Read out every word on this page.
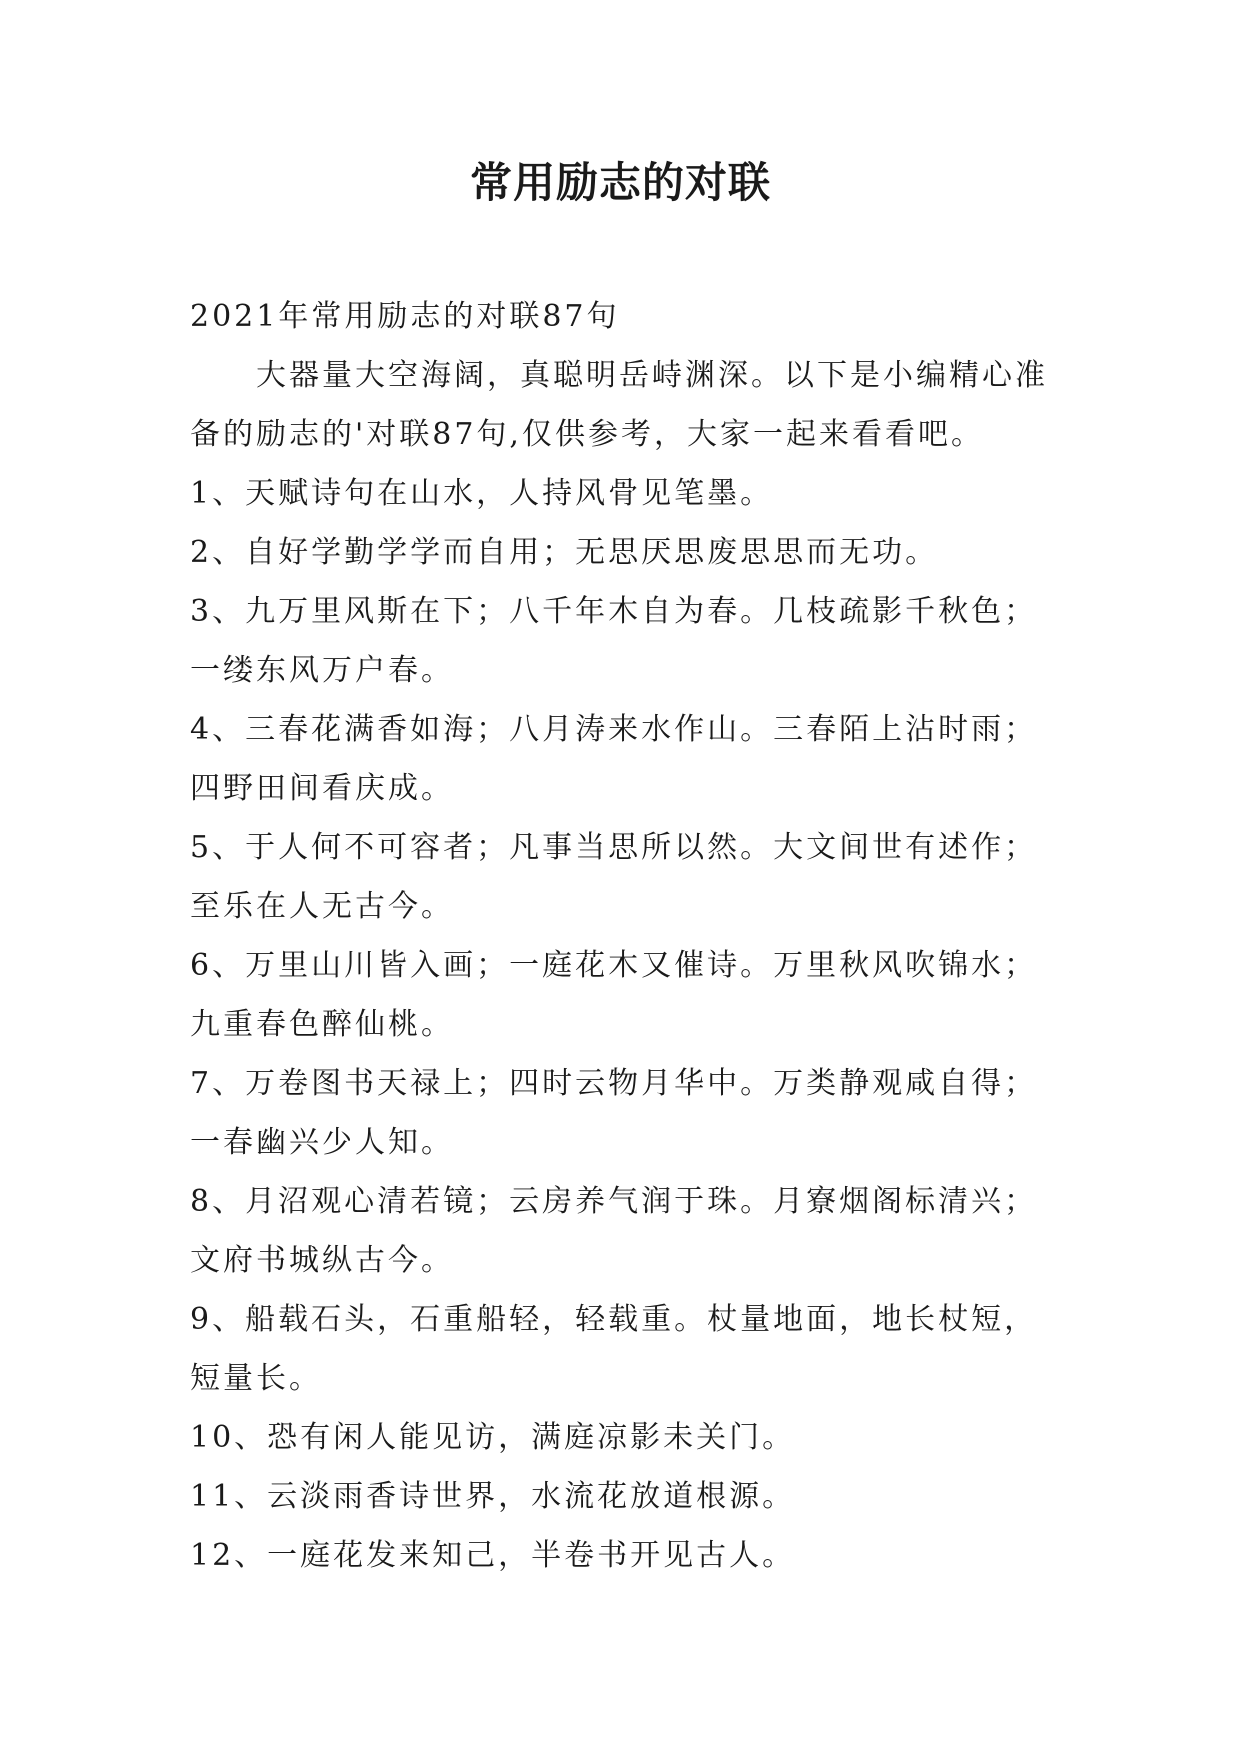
常用励志的对联

2021年常用励志的对联87句

大器量大空海阔，真聪明岳峙渊深。以下是小编精心准

备的励志的'对联87句,仅供参考，大家一起来看看吧。

1、天赋诗句在山水，人持风骨见笔墨。

2、自好学勤学学而自用；无思厌思废思思而无功。

3、九万里风斯在下；八千年木自为春。几枝疏影千秋色；

一缕东风万户春。

4、三春花满香如海；八月涛来水作山。三春陌上沾时雨；

四野田间看庆成。

5、于人何不可容者；凡事当思所以然。大文间世有述作；

至乐在人无古今。

6、万里山川皆入画；一庭花木又催诗。万里秋风吹锦水；

九重春色醉仙桃。

7、万卷图书天禄上；四时云物月华中。万类静观咸自得；

一春幽兴少人知。

8、月沼观心清若镜；云房养气润于珠。月寮烟阁标清兴；

文府书城纵古今。

9、船载石头，石重船轻，轻载重。杖量地面，地长杖短，

短量长。

10、恐有闲人能见访，满庭凉影未关门。

11、云淡雨香诗世界，水流花放道根源。

12、一庭花发来知己，半卷书开见古人。
